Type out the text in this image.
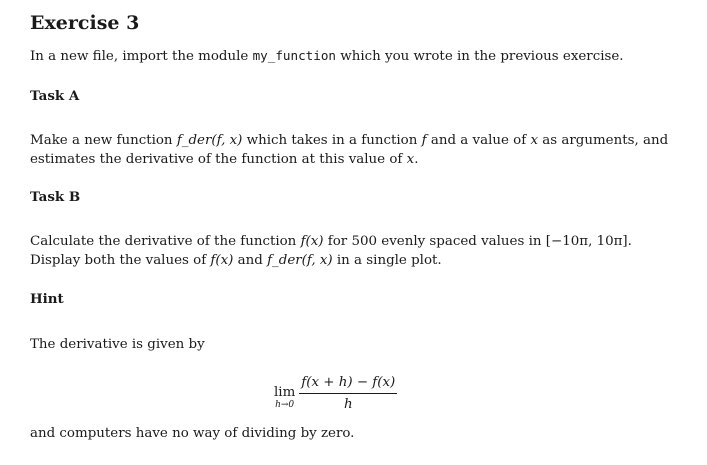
Exercise 3

In a new file, import the module my_function which you wrote in the previous exercise.

Task A

Make a new function f_der(f, x) which takes in a function f and a value of x as arguments, and estimates the derivative of the function at this value of x.

Task B

Calculate the derivative of the function f(x) for 500 evenly spaced values in [−10π, 10π]. Display both the values of f(x) and f_der(f, x) in a single plot.

Hint

The derivative is given by

lim
$h\to 0 \frac{f(x + h) - f(x)}{h}$

and computers have no way of dividing by zero.
